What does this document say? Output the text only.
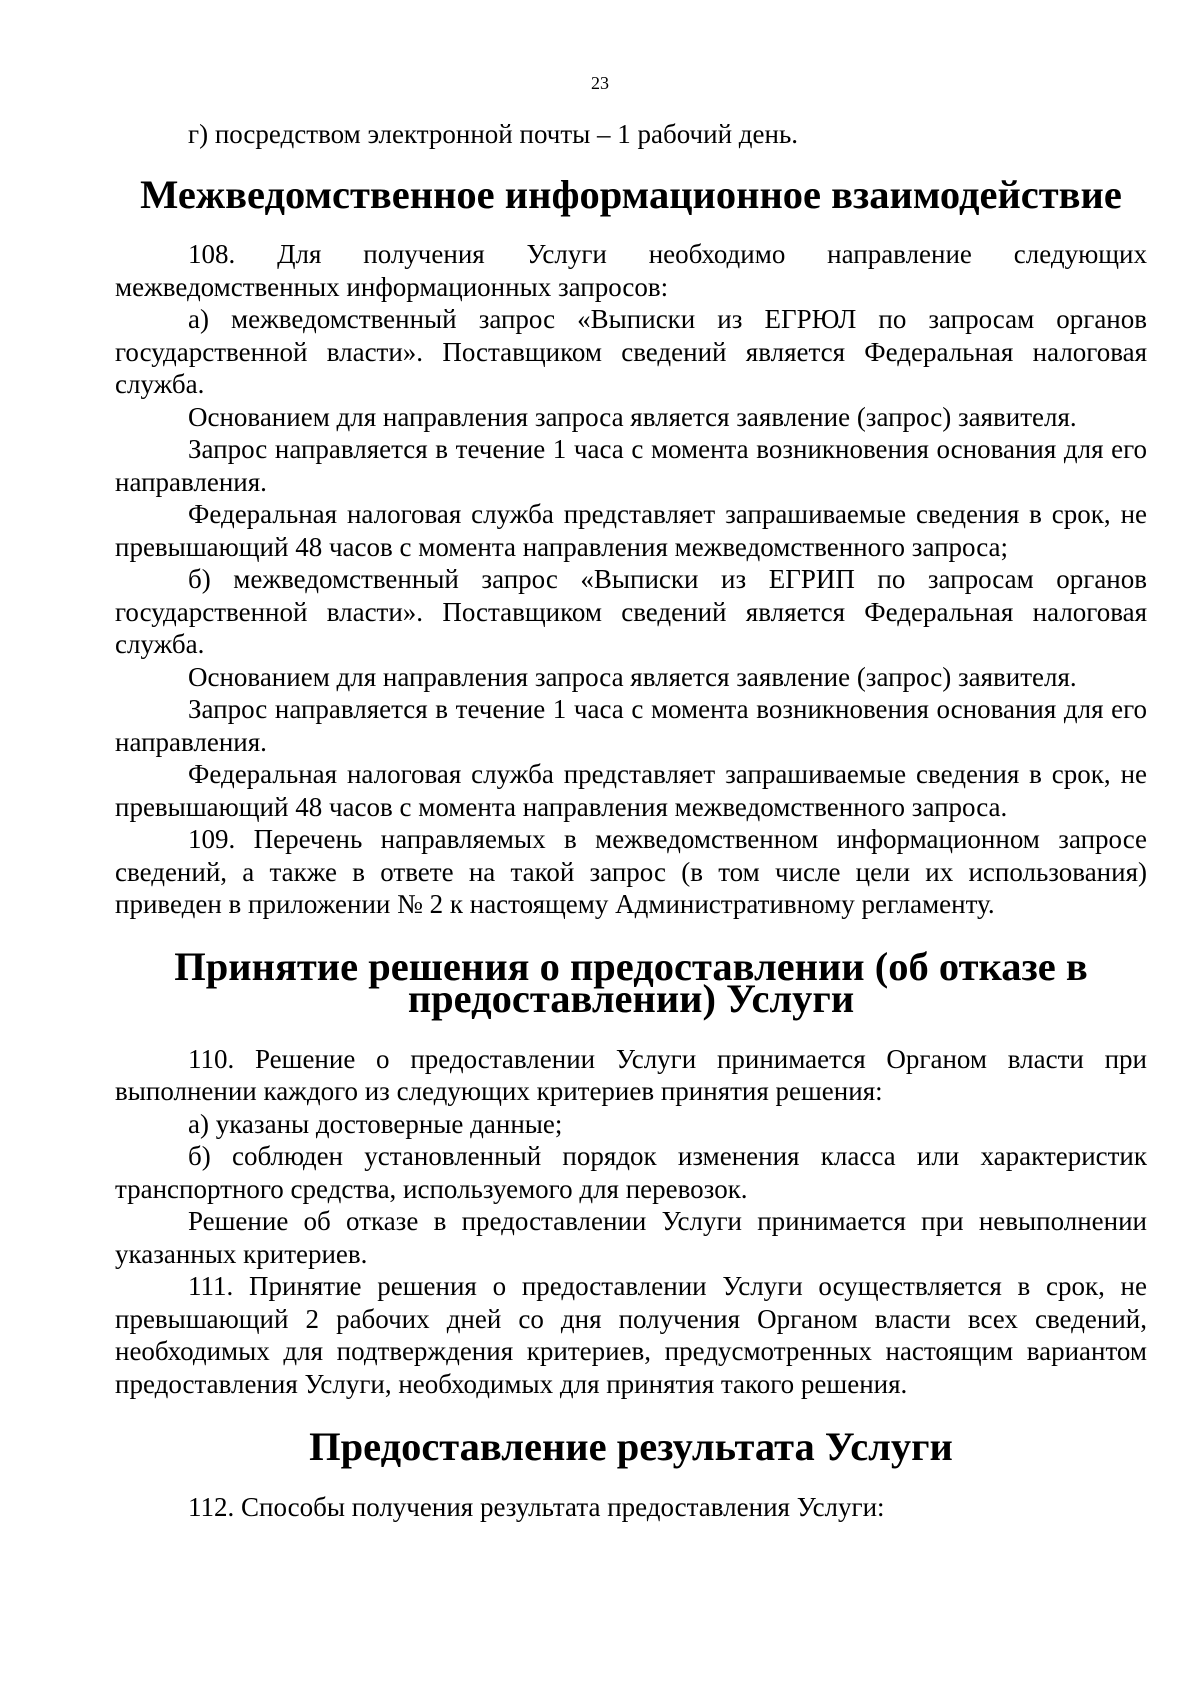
23

г) посредством электронной почты – 1 рабочий день.

Межведомственное информационное взаимодействие

108. Для получения Услуги необходимо направление следующих межведомственных информационных запросов:

а) межведомственный запрос «Выписки из ЕГРЮЛ по запросам органов государственной власти». Поставщиком сведений является Федеральная налоговая служба.

Основанием для направления запроса является заявление (запрос) заявителя.

Запрос направляется в течение 1 часа с момента возникновения основания для его направления.

Федеральная налоговая служба представляет запрашиваемые сведения в срок, не превышающий 48 часов с момента направления межведомственного запроса;

б) межведомственный запрос «Выписки из ЕГРИП по запросам органов государственной власти». Поставщиком сведений является Федеральная налоговая служба.

Основанием для направления запроса является заявление (запрос) заявителя.

Запрос направляется в течение 1 часа с момента возникновения основания для его направления.

Федеральная налоговая служба представляет запрашиваемые сведения в срок, не превышающий 48 часов с момента направления межведомственного запроса.

109. Перечень направляемых в межведомственном информационном запросе сведений, а также в ответе на такой запрос (в том числе цели их использования) приведен в приложении № 2 к настоящему Административному регламенту.

Принятие решения о предоставлении (об отказе в предоставлении) Услуги

110. Решение о предоставлении Услуги принимается Органом власти при выполнении каждого из следующих критериев принятия решения:

а) указаны достоверные данные;

б) соблюден установленный порядок изменения класса или характеристик транспортного средства, используемого для перевозок.

Решение об отказе в предоставлении Услуги принимается при невыполнении указанных критериев.

111. Принятие решения о предоставлении Услуги осуществляется в срок, не превышающий 2 рабочих дней со дня получения Органом власти всех сведений, необходимых для подтверждения критериев, предусмотренных настоящим вариантом предоставления Услуги, необходимых для принятия такого решения.

Предоставление результата Услуги

112. Способы получения результата предоставления Услуги:
